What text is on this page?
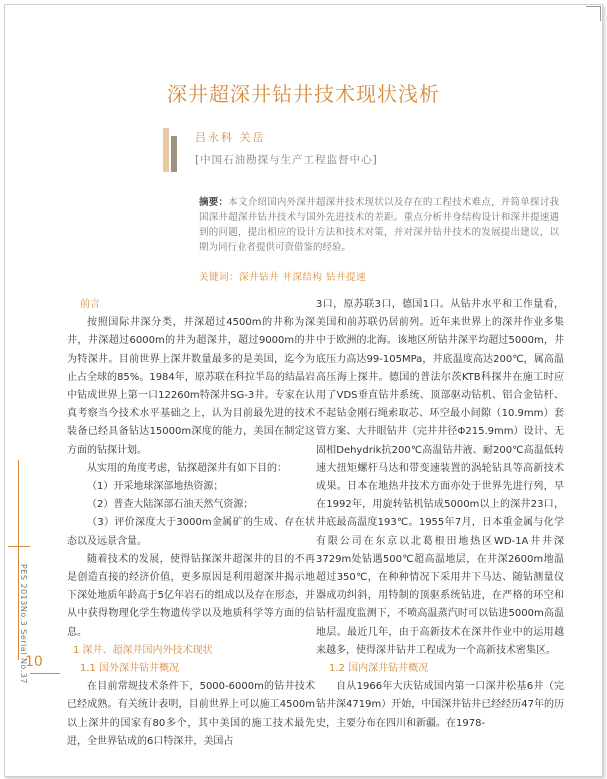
深井超深井钻井技术现状浅析
吕永科 关岳
[中国石油勘探与生产工程监督中心]
摘要：本文介绍国内外深井超深井技术现状以及存在的工程技术难点，并简单探讨我国深井超深井钻井技术与国外先进技术的差距。重点分析井身结构设计和深井提速遇到的问题，提出相应的设计方法和技术对策，并对深井钻井技术的发展提出建议，以期为同行业者提供可资借鉴的经验。
关键词：深井钻井 井深结构 钻井提速

前言

按照国际井深分类，井深超过4500m的井称为深井，井深超过6000m的井为超深井，超过9000m的井为特深井。目前世界上深井数量最多的是美国，迄今为止占全球的85%。1984年，原苏联在科拉半岛的结晶岩中钻成世界上第一口12260m特深井SG-3井。专家在认真考察当今技术水平基础之上，认为目前最先进的技术装备已经具备钻达15000m深度的能力，美国在制定这方面的钻探计划。

从实用的角度考虑，钻探超深井有如下目的：

（1）开采地球深部地热资源；

（2）普查大陆深部石油天然气资源；

（3）评价深度大于3000m金属矿的生成、存在状态以及远景含量。

随着技术的发展，使得钻探深井超深井的目的不再是创造直接的经济价值，更多原因是利用超深井揭示地下深处地质年龄高于5亿年岩石的组成以及存在形态，并从中获得物理化学生物遗传学以及地质科学等方面的信息。

1 深井、超深井国内外技术现状

1.1 国外深井钻井概况

在目前常规技术条件下，5000-6000m的钻井技术已经成熟。有关统计表明，目前世界上可以施工4500m以上深井的国家有80多个，其中美国的施工技术最先进，全世界钻成的6口特深井，美国占

3口，原苏联3口，德国1口。从钻井水平和工作量看，美国和前苏联仍居前列。近年来世界上的深井作业多集中于欧洲的北海。该地区所钻井深平均超过5000m，井底压力高达99-105MPa，井底温度高达200℃，属高温高压海上探井。德国的普法尔茨KTB科探井在施工时应用了VDS垂直钻井系统、顶部驱动钻机、铝合金钻杆、不起钻金刚石绳索取芯、环空最小间隙（10.9mm）套管方案、大井眼钻井（完井井径Φ215.9mm）设计、无固相Dehydrik抗200℃高温钻井液、耐200℃高温低转速大扭矩螺杆马达和带变速装置的涡轮钻具等高新技术成果。日本在地热井技术方面亦处于世界先进行列，早在1992年，用旋转钻机钻成5000m以上的深井23口，井底最高温度193℃。1955年7月，日本重金属与化学有限公司在东京以北葛根田地热区WD-1A井井深3729m处钻遇500℃超高温地层，在井深2600m地温超过350℃，在种种情况下采用井下马达、随钻测量仪器成功纠斜，用特制的顶驱系统钻进，在严格的环空和钻杆温度监测下，不喷高温蒸汽时可以钻进5000m高温地层。最近几年，由于高新技术在深井作业中的运用越来越多，使得深井钻井工程成为一个高新技术密集区。

1.2 国内深井钻井概况

自从1966年大庆钻成国内第一口深井松基6井（完钻井深4719m）开始，中国深井钻井已经经历47年的历史，主要分布在四川和新疆。在1978-

PES 2013No.3 Serial No.37
10
